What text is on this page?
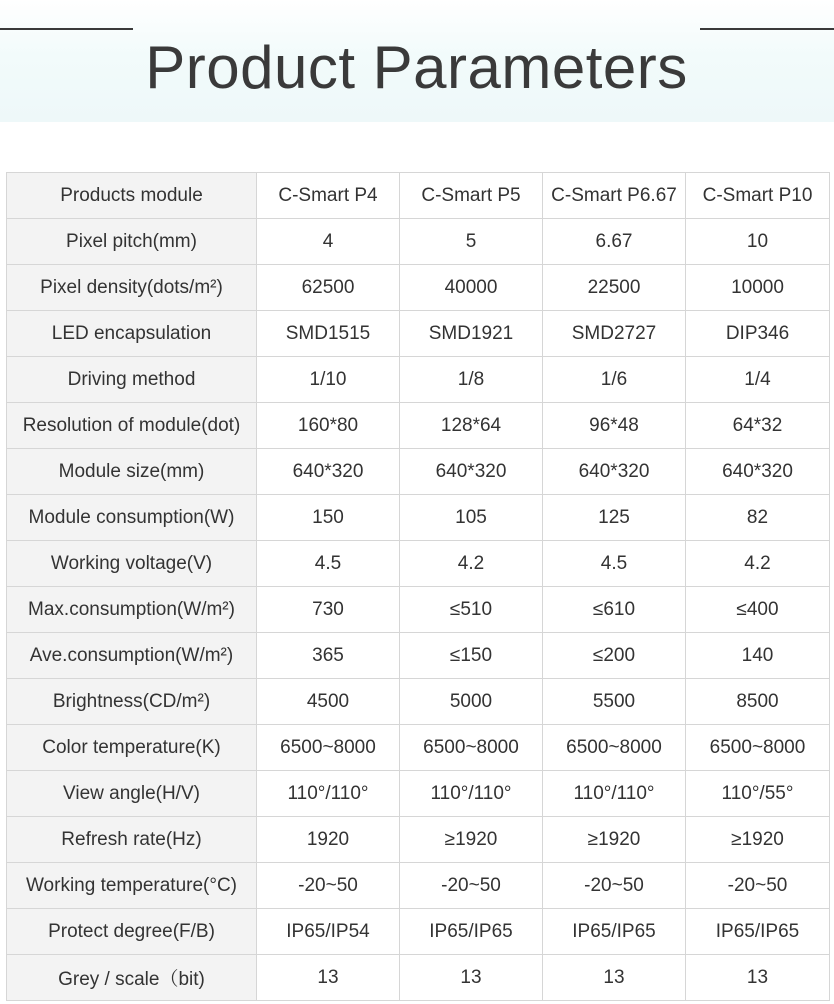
Product Parameters
Products module	C-Smart P4	C-Smart P5	C-Smart P6.67	C-Smart P10
Pixel pitch(mm)	4	5	6.67	10
Pixel density(dots/m²)	62500	40000	22500	10000
LED encapsulation	SMD1515	SMD1921	SMD2727	DIP346
Driving method	1/10	1/8	1/6	1/4
Resolution of module(dot)	160*80	128*64	96*48	64*32
Module size(mm)	640*320	640*320	640*320	640*320
Module consumption(W)	150	105	125	82
Working voltage(V)	4.5	4.2	4.5	4.2
Max.consumption(W/m²)	730	≤510	≤610	≤400
Ave.consumption(W/m²)	365	≤150	≤200	140
Brightness(CD/m²)	4500	5000	5500	8500
Color temperature(K)	6500~8000	6500~8000	6500~8000	6500~8000
View angle(H/V)	110°/110°	110°/110°	110°/110°	110°/55°
Refresh rate(Hz)	1920	≥1920	≥1920	≥1920
Working temperature(°C)	-20~50	-20~50	-20~50	-20~50
Protect degree(F/B)	IP65/IP54	IP65/IP65	IP65/IP65	IP65/IP65
Grey / scale（bit)	13	13	13	13
